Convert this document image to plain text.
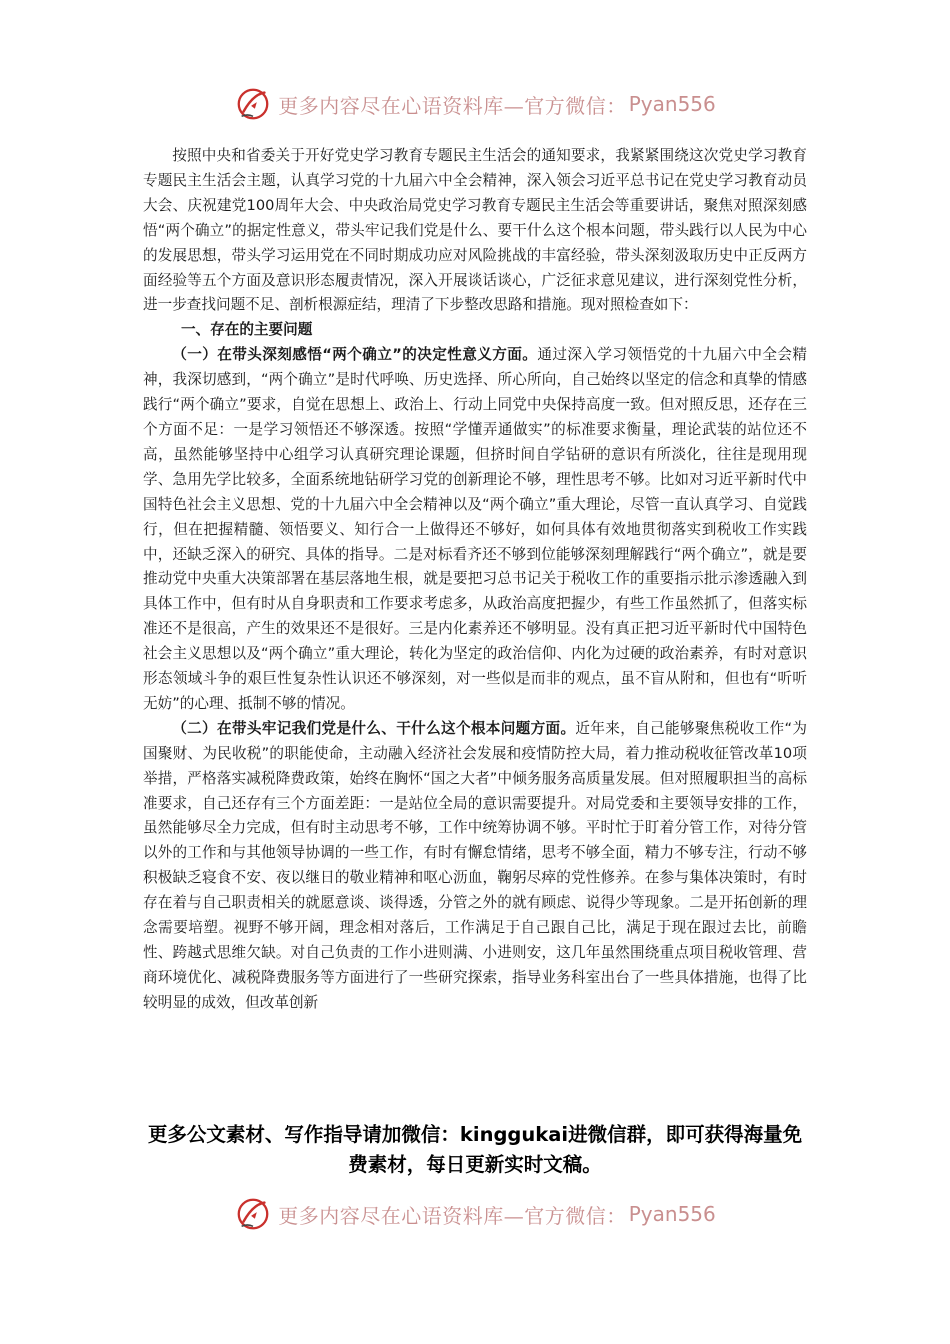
更多内容尽在心语资料库—官方微信： Pyan556

按照中央和省委关于开好党史学习教育专题民主生活会的通知要求，我紧紧围绕这次党史学习教育专题民主生活会主题，认真学习党的十九届六中全会精神，深入领会习近平总书记在党史学习教育动员大会、庆祝建党100周年大会、中央政治局党史学习教育专题民主生活会等重要讲话，聚焦对照深刻感悟“两个确立”的据定性意义，带头牢记我们党是什么、要干什么这个根本问题，带头践行以人民为中心的发展思想，带头学习运用党在不同时期成功应对风险挑战的丰富经验，带头深刻汲取历史中正反两方面经验等五个方面及意识形态履责情况，深入开展谈话谈心，广泛征求意见建议，进行深刻党性分析，进一步查找问题不足、剖析根源症结，理清了下步整改思路和措施。现对照检查如下：

一、存在的主要问题

（一）在带头深刻感悟“两个确立”的决定性意义方面。通过深入学习领悟党的十九届六中全会精神，我深切感到，“两个确立”是时代呼唤、历史选择、所心所向，自己始终以坚定的信念和真挚的情感践行“两个确立”要求，自觉在思想上、政治上、行动上同党中央保持高度一致。但对照反思，还存在三个方面不足：一是学习领悟还不够深透。按照“学懂弄通做实”的标准要求衡量，理论武装的站位还不高，虽然能够坚持中心组学习认真研究理论课题，但挤时间自学钻研的意识有所淡化，往往是现用现学、急用先学比较多，全面系统地钻研学习党的创新理论不够，理性思考不够。比如对习近平新时代中国特色社会主义思想、党的十九届六中全会精神以及“两个确立”重大理论，尽管一直认真学习、自觉践行，但在把握精髓、领悟要义、知行合一上做得还不够好，如何具体有效地贯彻落实到税收工作实践中，还缺乏深入的研究、具体的指导。二是对标看齐还不够到位能够深刻理解践行“两个确立”，就是要推动党中央重大决策部署在基层落地生根，就是要把习总书记关于税收工作的重要指示批示渗透融入到具体工作中，但有时从自身职责和工作要求考虑多，从政治高度把握少，有些工作虽然抓了，但落实标准还不是很高，产生的效果还不是很好。三是内化素养还不够明显。没有真正把习近平新时代中国特色社会主义思想以及“两个确立”重大理论，转化为坚定的政治信仰、内化为过硬的政治素养，有时对意识形态领域斗争的艰巨性复杂性认识还不够深刻，对一些似是而非的观点，虽不盲从附和，但也有“听听无妨”的心理、抵制不够的情况。

（二）在带头牢记我们党是什么、干什么这个根本问题方面。近年来，自己能够聚焦税收工作“为国聚财、为民收税”的职能使命，主动融入经济社会发展和疫情防控大局，着力推动税收征管改革10项举措，严格落实减税降费政策，始终在胸怀“国之大者”中倾务服务高质量发展。但对照履职担当的高标准要求，自己还存有三个方面差距：一是站位全局的意识需要提升。对局党委和主要领导安排的工作，虽然能够尽全力完成，但有时主动思考不够，工作中统筹协调不够。平时忙于盯着分管工作，对待分管以外的工作和与其他领导协调的一些工作，有时有懈怠情绪，思考不够全面，精力不够专注，行动不够积极缺乏寝食不安、夜以继日的敬业精神和呕心沥血，鞠躬尽瘁的党性修养。在参与集体决策时，有时存在着与自己职责相关的就愿意谈、谈得透，分管之外的就有顾虑、说得少等现象。二是开拓创新的理念需要培塑。视野不够开阔，理念相对落后，工作满足于自己跟自己比，满足于现在跟过去比，前瞻性、跨越式思维欠缺。对自己负责的工作小进则满、小进则安，这几年虽然围绕重点项目税收管理、营商环境优化、减税降费服务等方面进行了一些研究探索，指导业务科室出台了一些具体措施，也得了比较明显的成效，但改革创新

更多公文素材、写作指导请加微信：kinggukai进微信群，即可获得海量免费素材，每日更新实时文稿。
更多内容尽在心语资料库—官方微信： Pyan556
